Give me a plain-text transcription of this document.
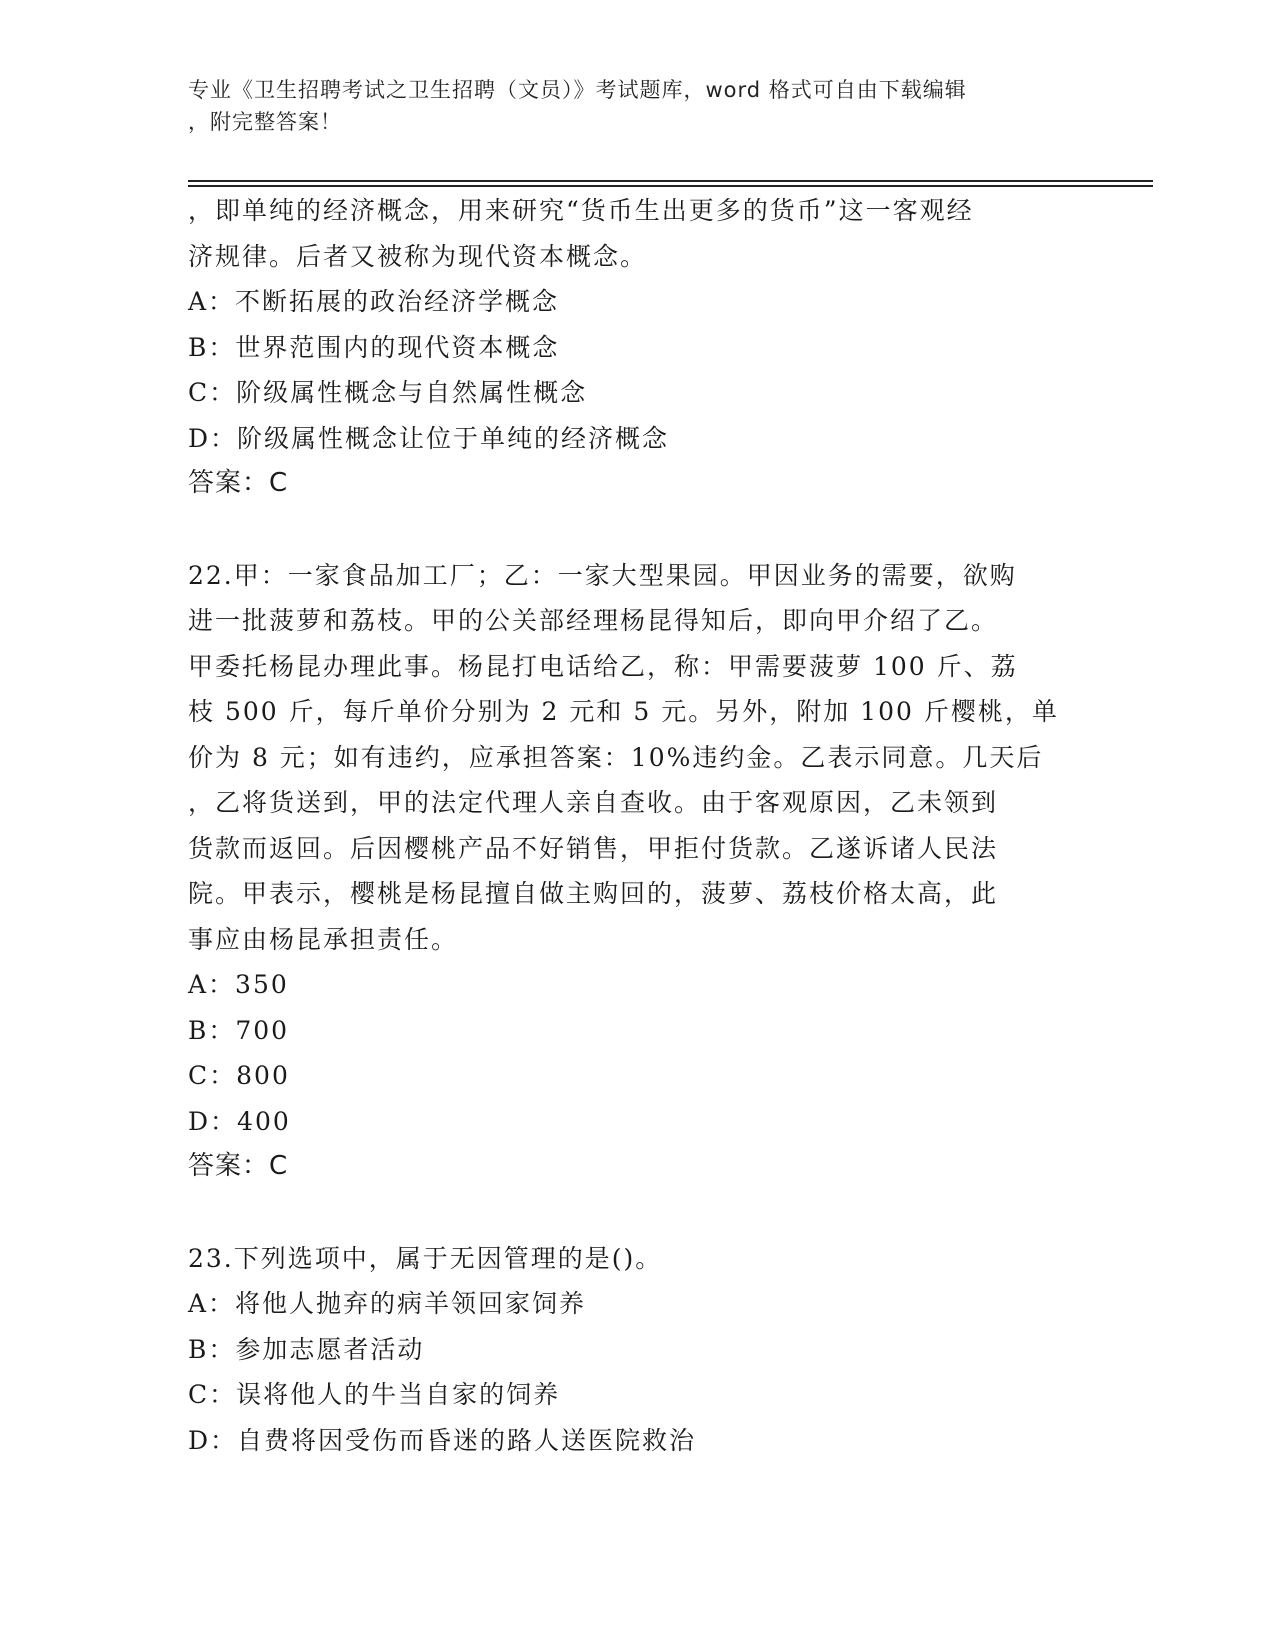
专业《卫生招聘考试之卫生招聘（文员）》考试题库，word 格式可自由下载编辑
，附完整答案！

，即单纯的经济概念，用来研究“货币生出更多的货币”这一客观经

济规律。后者又被称为现代资本概念。

A：不断拓展的政治经济学概念

B：世界范围内的现代资本概念

C：阶级属性概念与自然属性概念

D：阶级属性概念让位于单纯的经济概念

答案：C

22.甲：一家食品加工厂；乙：一家大型果园。甲因业务的需要，欲购

进一批菠萝和荔枝。甲的公关部经理杨昆得知后，即向甲介绍了乙。

甲委托杨昆办理此事。杨昆打电话给乙，称：甲需要菠萝 100 斤、荔

枝 500 斤，每斤单价分别为 2 元和 5 元。另外，附加 100 斤樱桃，单

价为 8 元；如有违约，应承担答案：10%违约金。乙表示同意。几天后

，乙将货送到，甲的法定代理人亲自查收。由于客观原因，乙未领到

货款而返回。后因樱桃产品不好销售，甲拒付货款。乙遂诉诸人民法

院。甲表示，樱桃是杨昆擅自做主购回的，菠萝、荔枝价格太高，此

事应由杨昆承担责任。

A：350

B：700

C：800

D：400

答案：C

23.下列选项中，属于无因管理的是()。

A：将他人抛弃的病羊领回家饲养

B：参加志愿者活动

C：误将他人的牛当自家的饲养

D：自费将因受伤而昏迷的路人送医院救治
